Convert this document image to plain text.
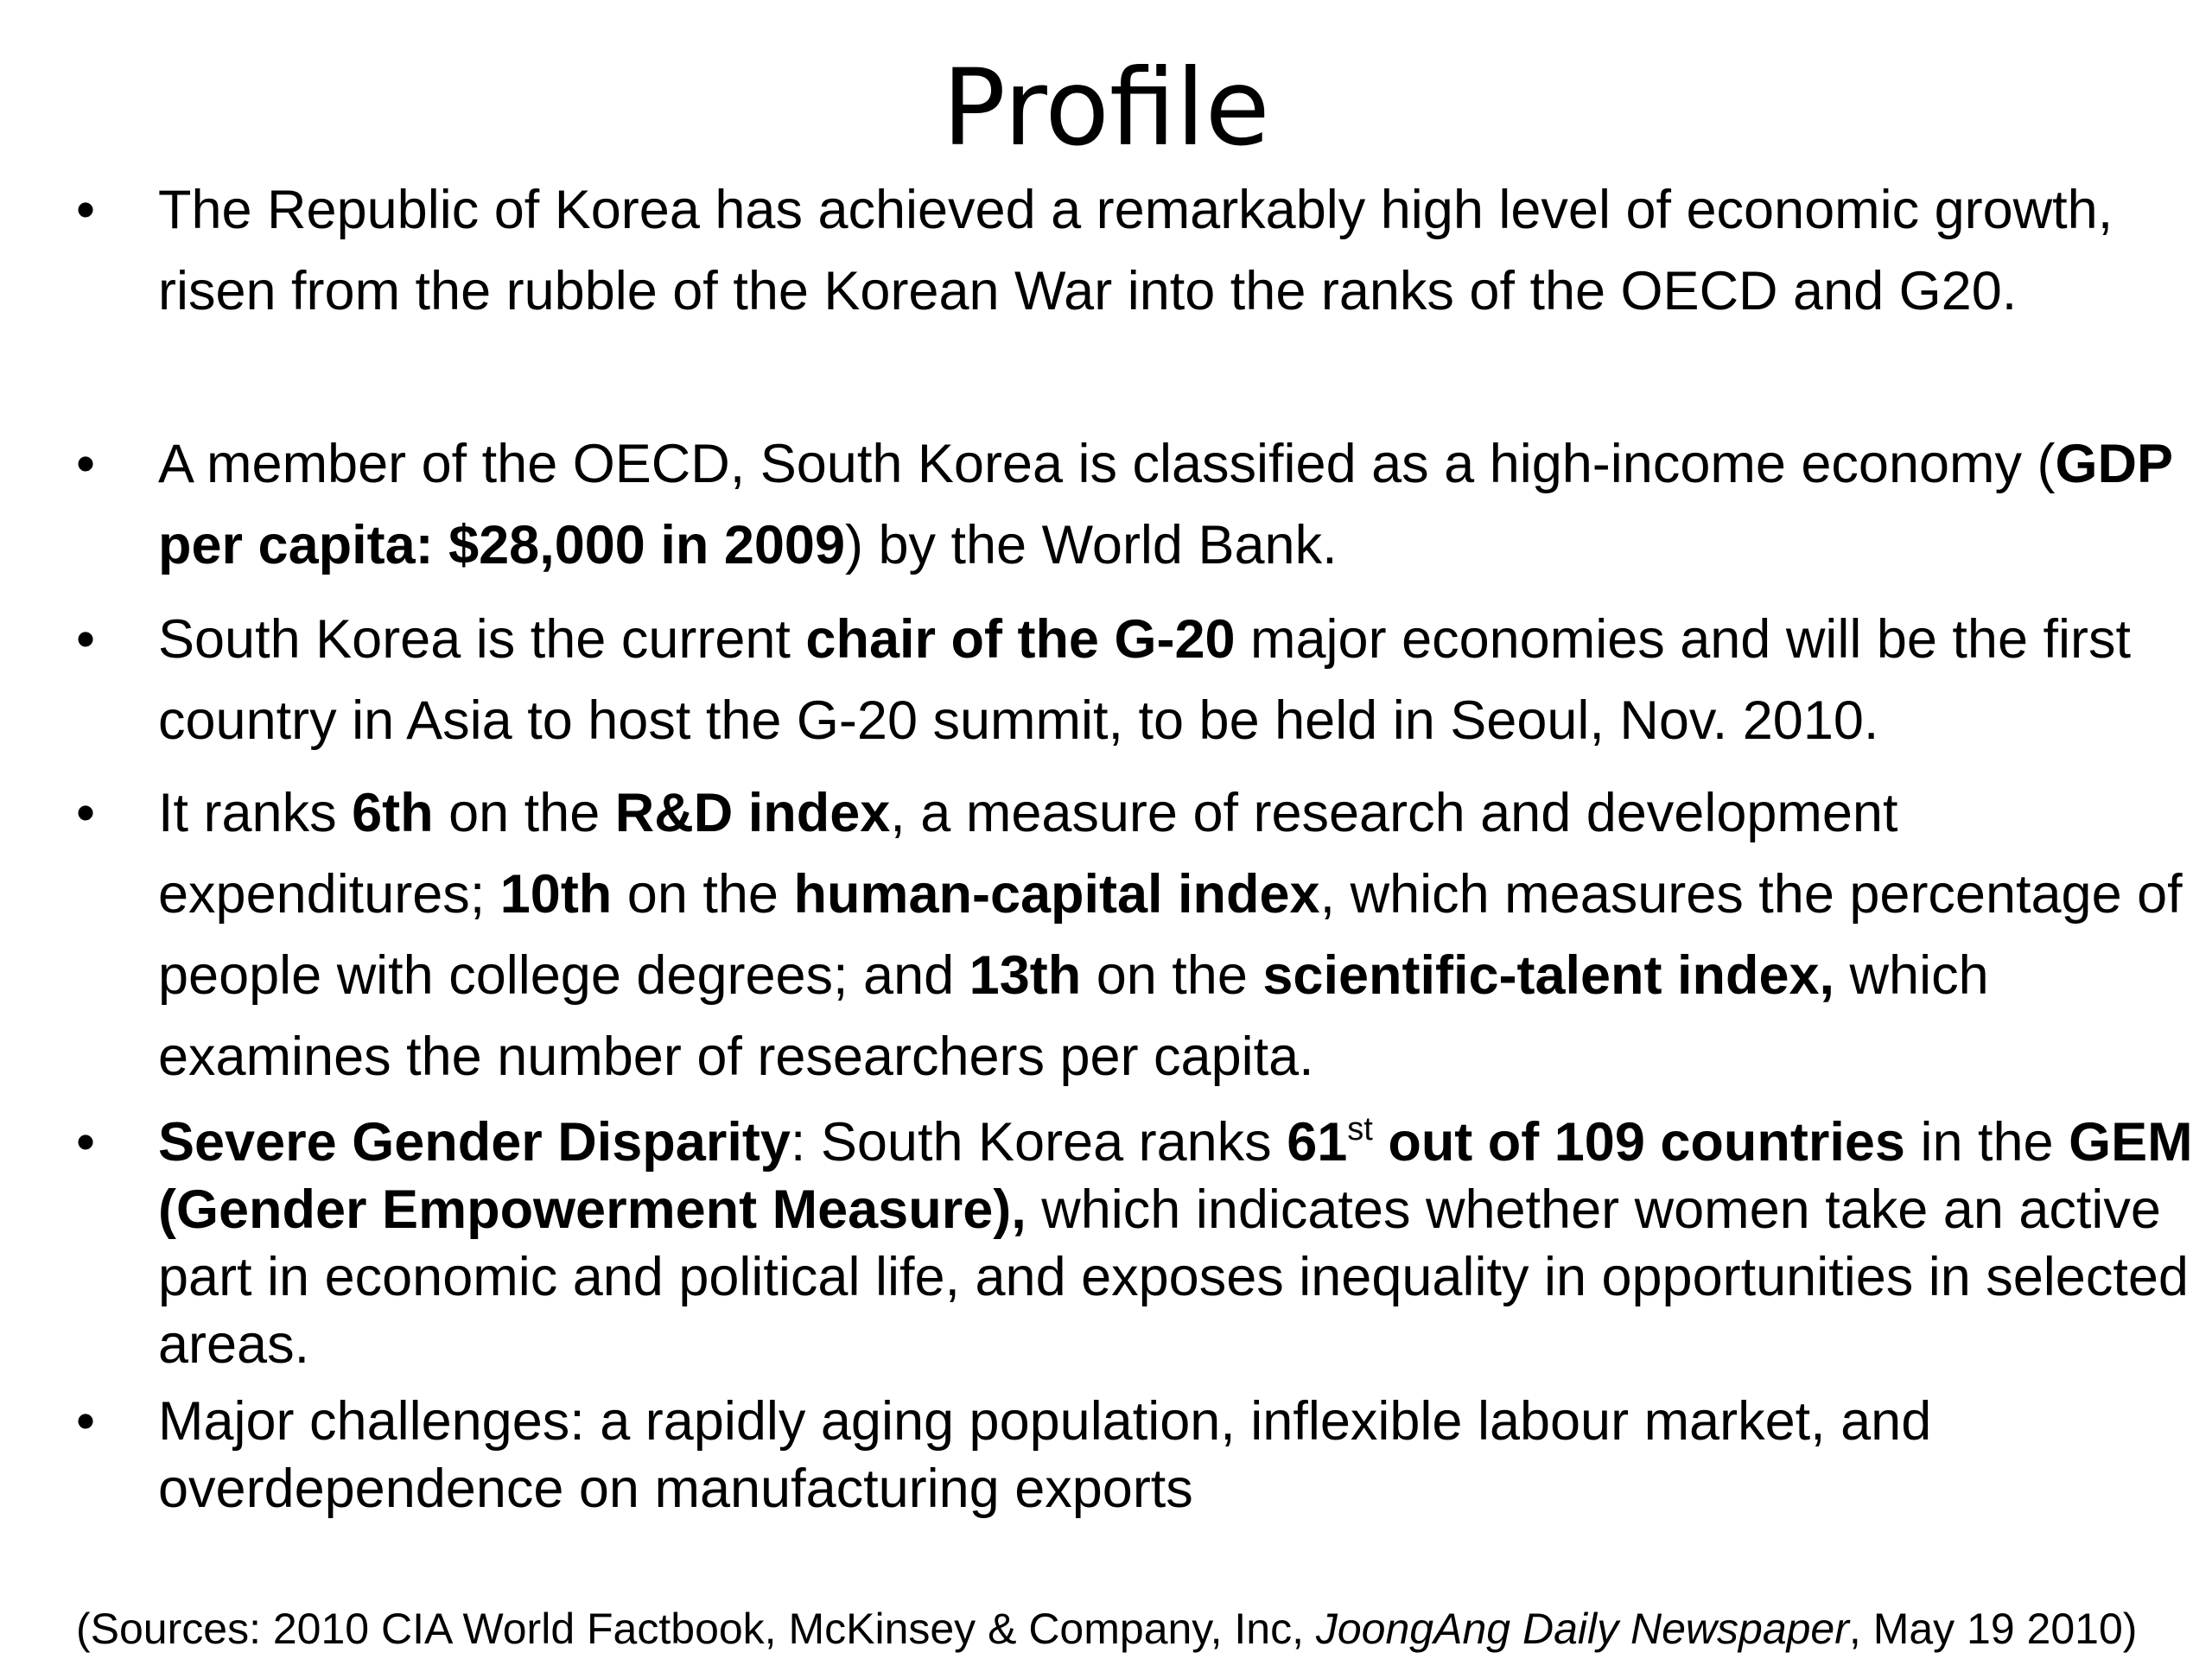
Profile
•	The Republic of Korea has achieved a remarkably high level of economic growth, risen from the rubble of the Korean War into the ranks of the OECD and G20.
•	A member of the OECD, South Korea is classified as a high-income economy (GDP per capita: $28,000 in 2009) by the World Bank.
•	South Korea is the current chair of the G-20 major economies and will be the first country in Asia to host the G-20 summit, to be held in Seoul, Nov. 2010.
•	It ranks 6th on the R&D index, a measure of research and development expenditures; 10th on the human-capital index, which measures the percentage of people with college degrees; and 13th on the scientific-talent index, which examines the number of researchers per capita.
•	Severe Gender Disparity: South Korea ranks 61st out of 109 countries in the GEM (Gender Empowerment Measure), which indicates whether women take an active part in economic and political life, and exposes inequality in opportunities in selected areas.
•	Major challenges: a rapidly aging population, inflexible labour market, and overdependence on manufacturing exports

(Sources: 2010 CIA World Factbook, McKinsey & Company, Inc, JoongAng Daily Newspaper, May 19 2010)
